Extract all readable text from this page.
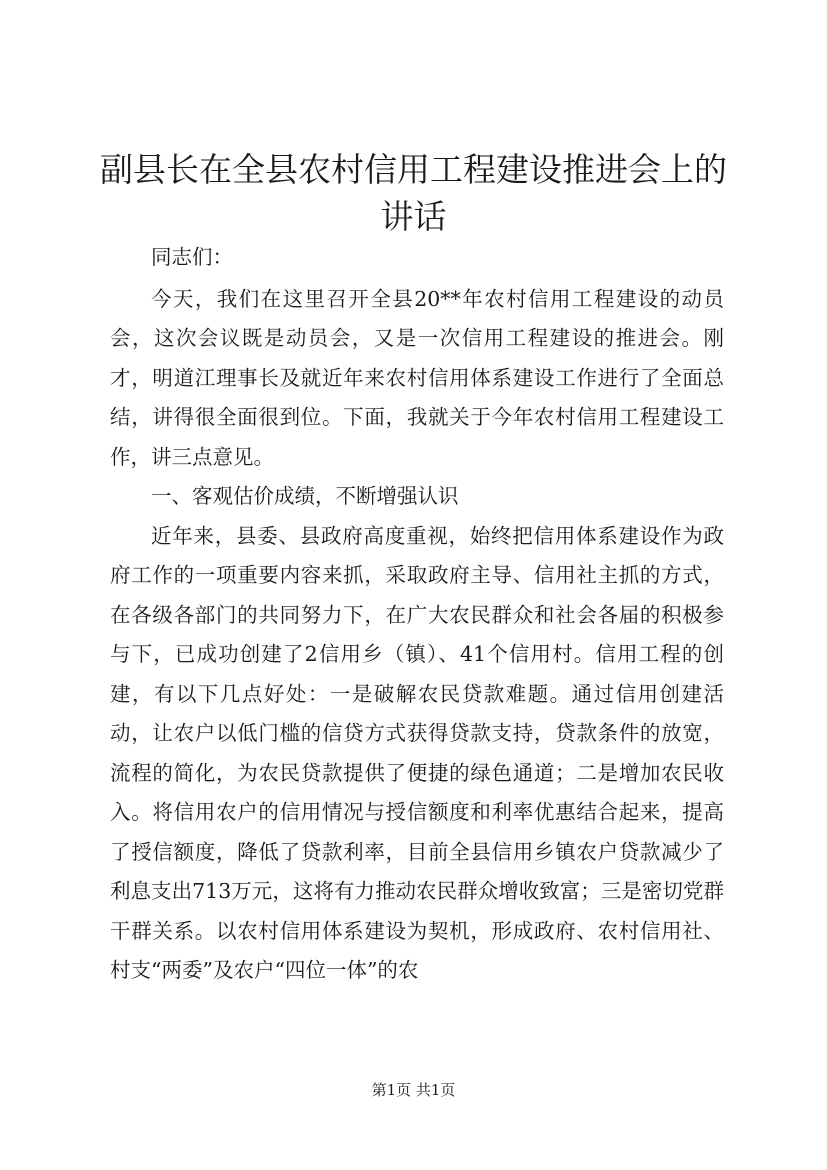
副县长在全县农村信用工程建设推进会上的讲话

同志们：

今天，我们在这里召开全县20**年农村信用工程建设的动员会，这次会议既是动员会，又是一次信用工程建设的推进会。刚才，明道江理事长及就近年来农村信用体系建设工作进行了全面总结，讲得很全面很到位。下面，我就关于今年农村信用工程建设工作，讲三点意见。

一、客观估价成绩，不断增强认识

近年来，县委、县政府高度重视，始终把信用体系建设作为政府工作的一项重要内容来抓，采取政府主导、信用社主抓的方式，在各级各部门的共同努力下，在广大农民群众和社会各届的积极参与下，已成功创建了2信用乡（镇）、41个信用村。信用工程的创建，有以下几点好处：一是破解农民贷款难题。通过信用创建活动，让农户以低门槛的信贷方式获得贷款支持，贷款条件的放宽，流程的简化，为农民贷款提供了便捷的绿色通道；二是增加农民收入。将信用农户的信用情况与授信额度和利率优惠结合起来，提高了授信额度，降低了贷款利率，目前全县信用乡镇农户贷款减少了利息支出713万元，这将有力推动农民群众增收致富；三是密切党群干群关系。以农村信用体系建设为契机，形成政府、农村信用社、村支“两委”及农户“四位一体”的农

第1页 共1页
